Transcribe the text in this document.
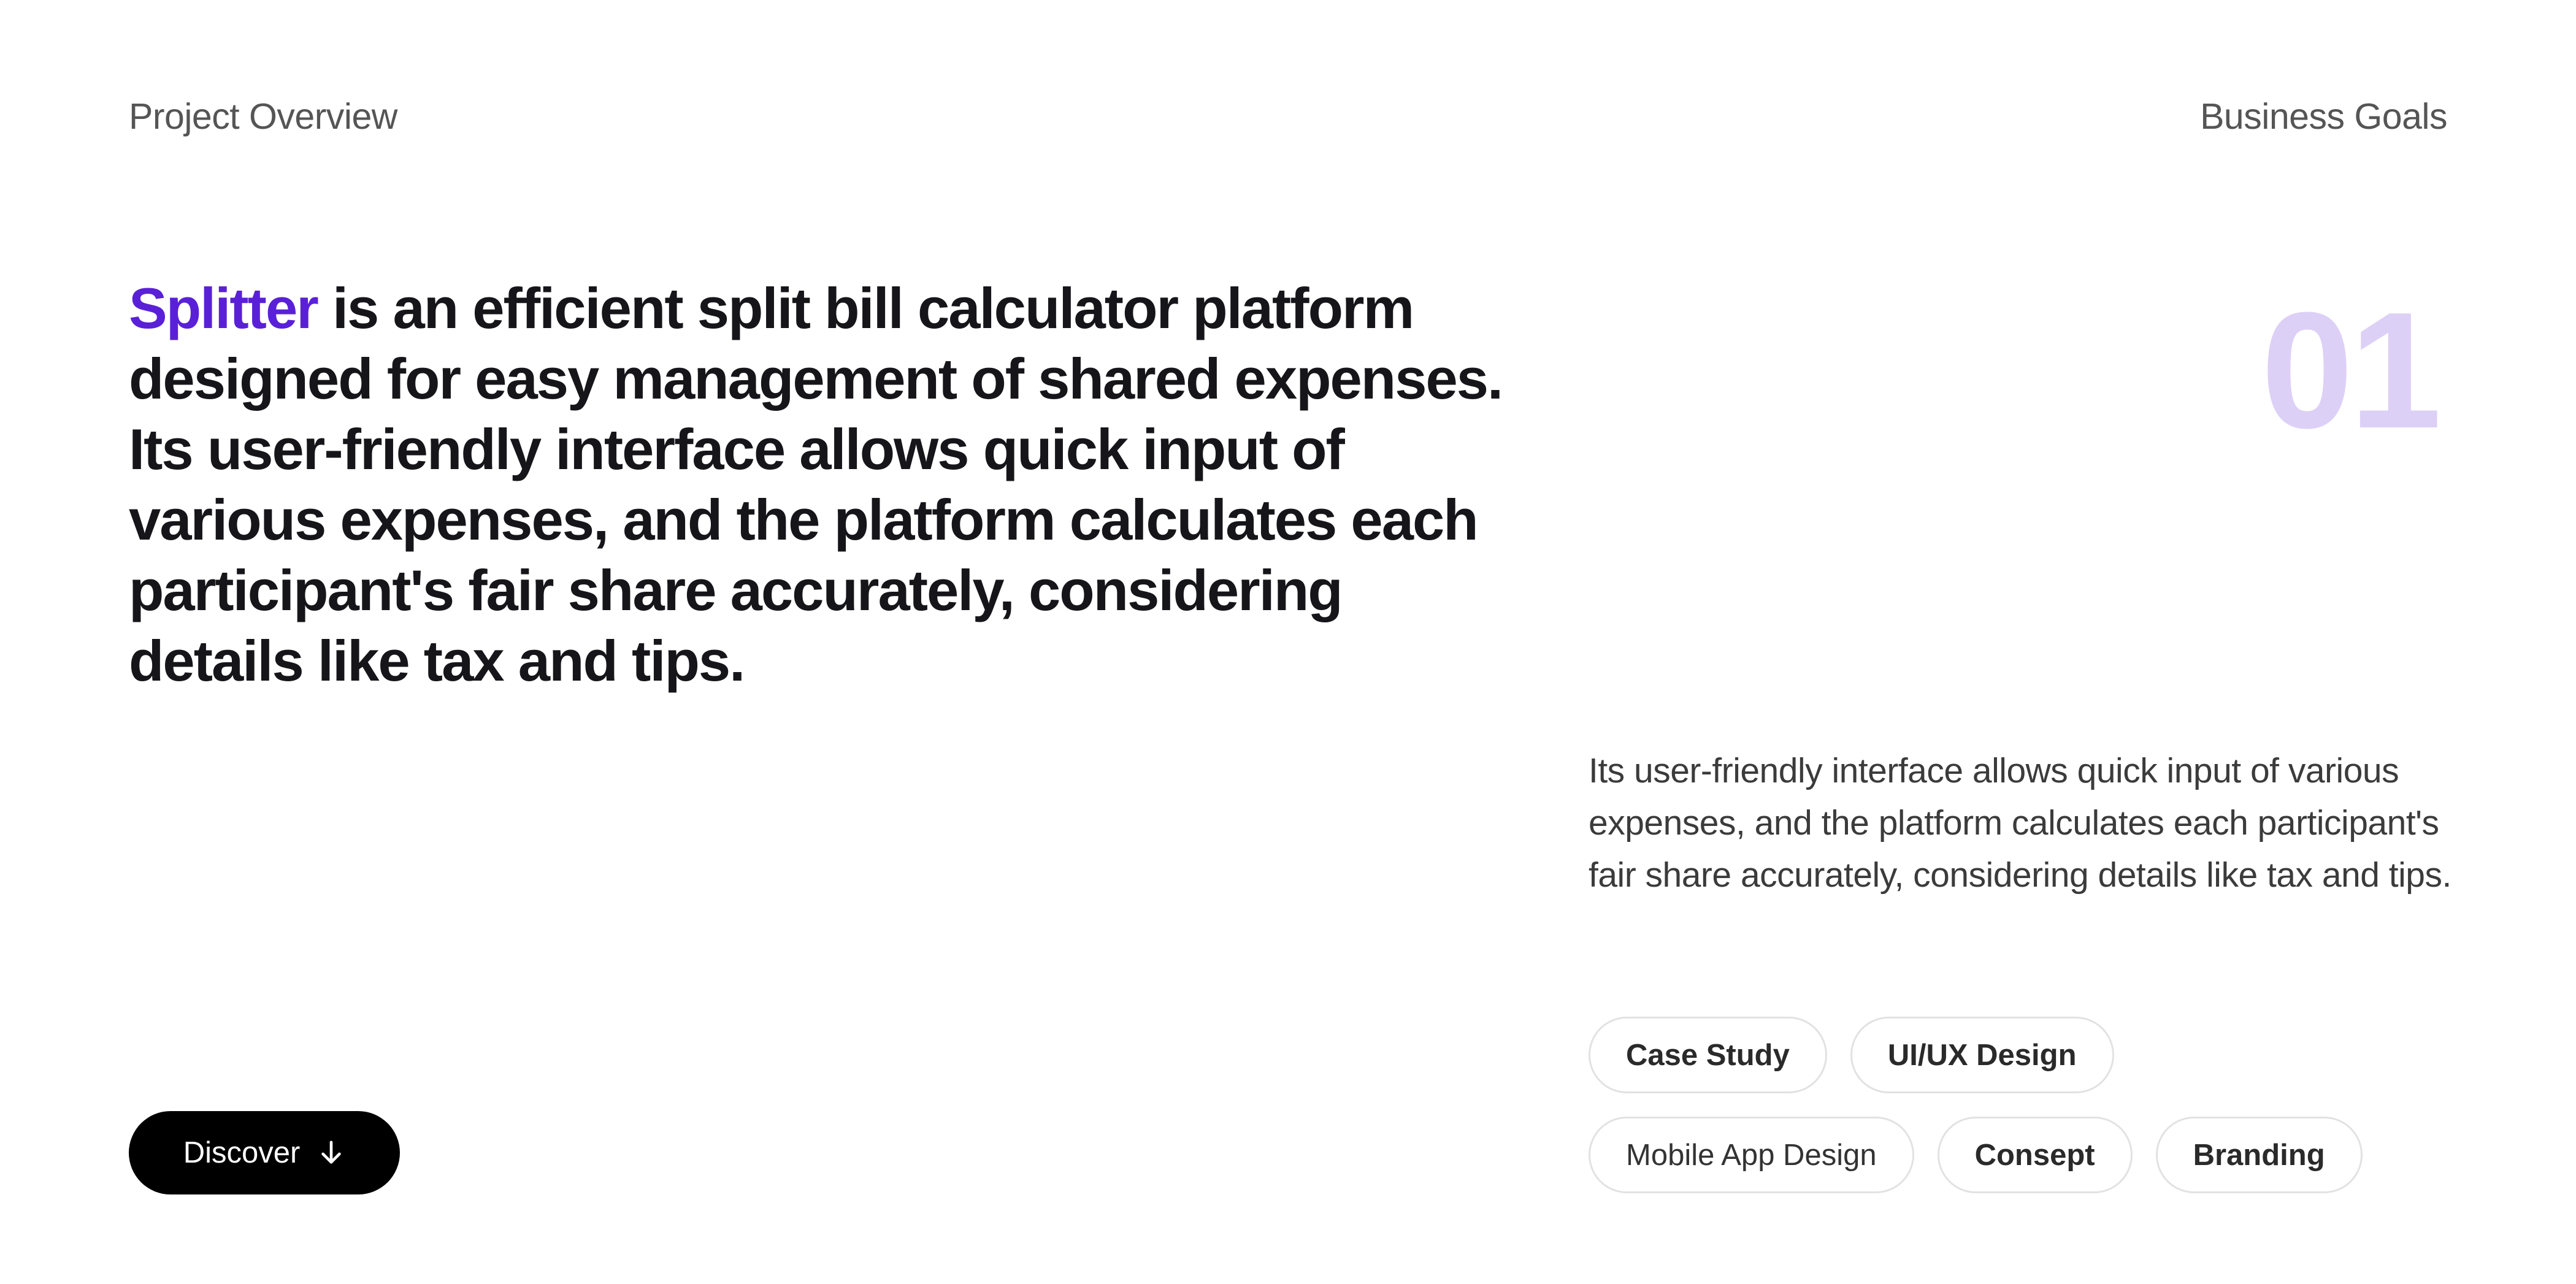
Project Overview	Business Goals

Splitter is an efficient split bill calculator platform designed for easy management of shared expenses. Its user-friendly interface allows quick input of various expenses, and the platform calculates each participant's fair share accurately, considering details like tax and tips.

01

Its user-friendly interface allows quick input of various expenses, and the platform calculates each participant's fair share accurately, considering details like tax and tips.

Case Study	UI/UX Design
Mobile App Design	Consept	Branding
Discover
